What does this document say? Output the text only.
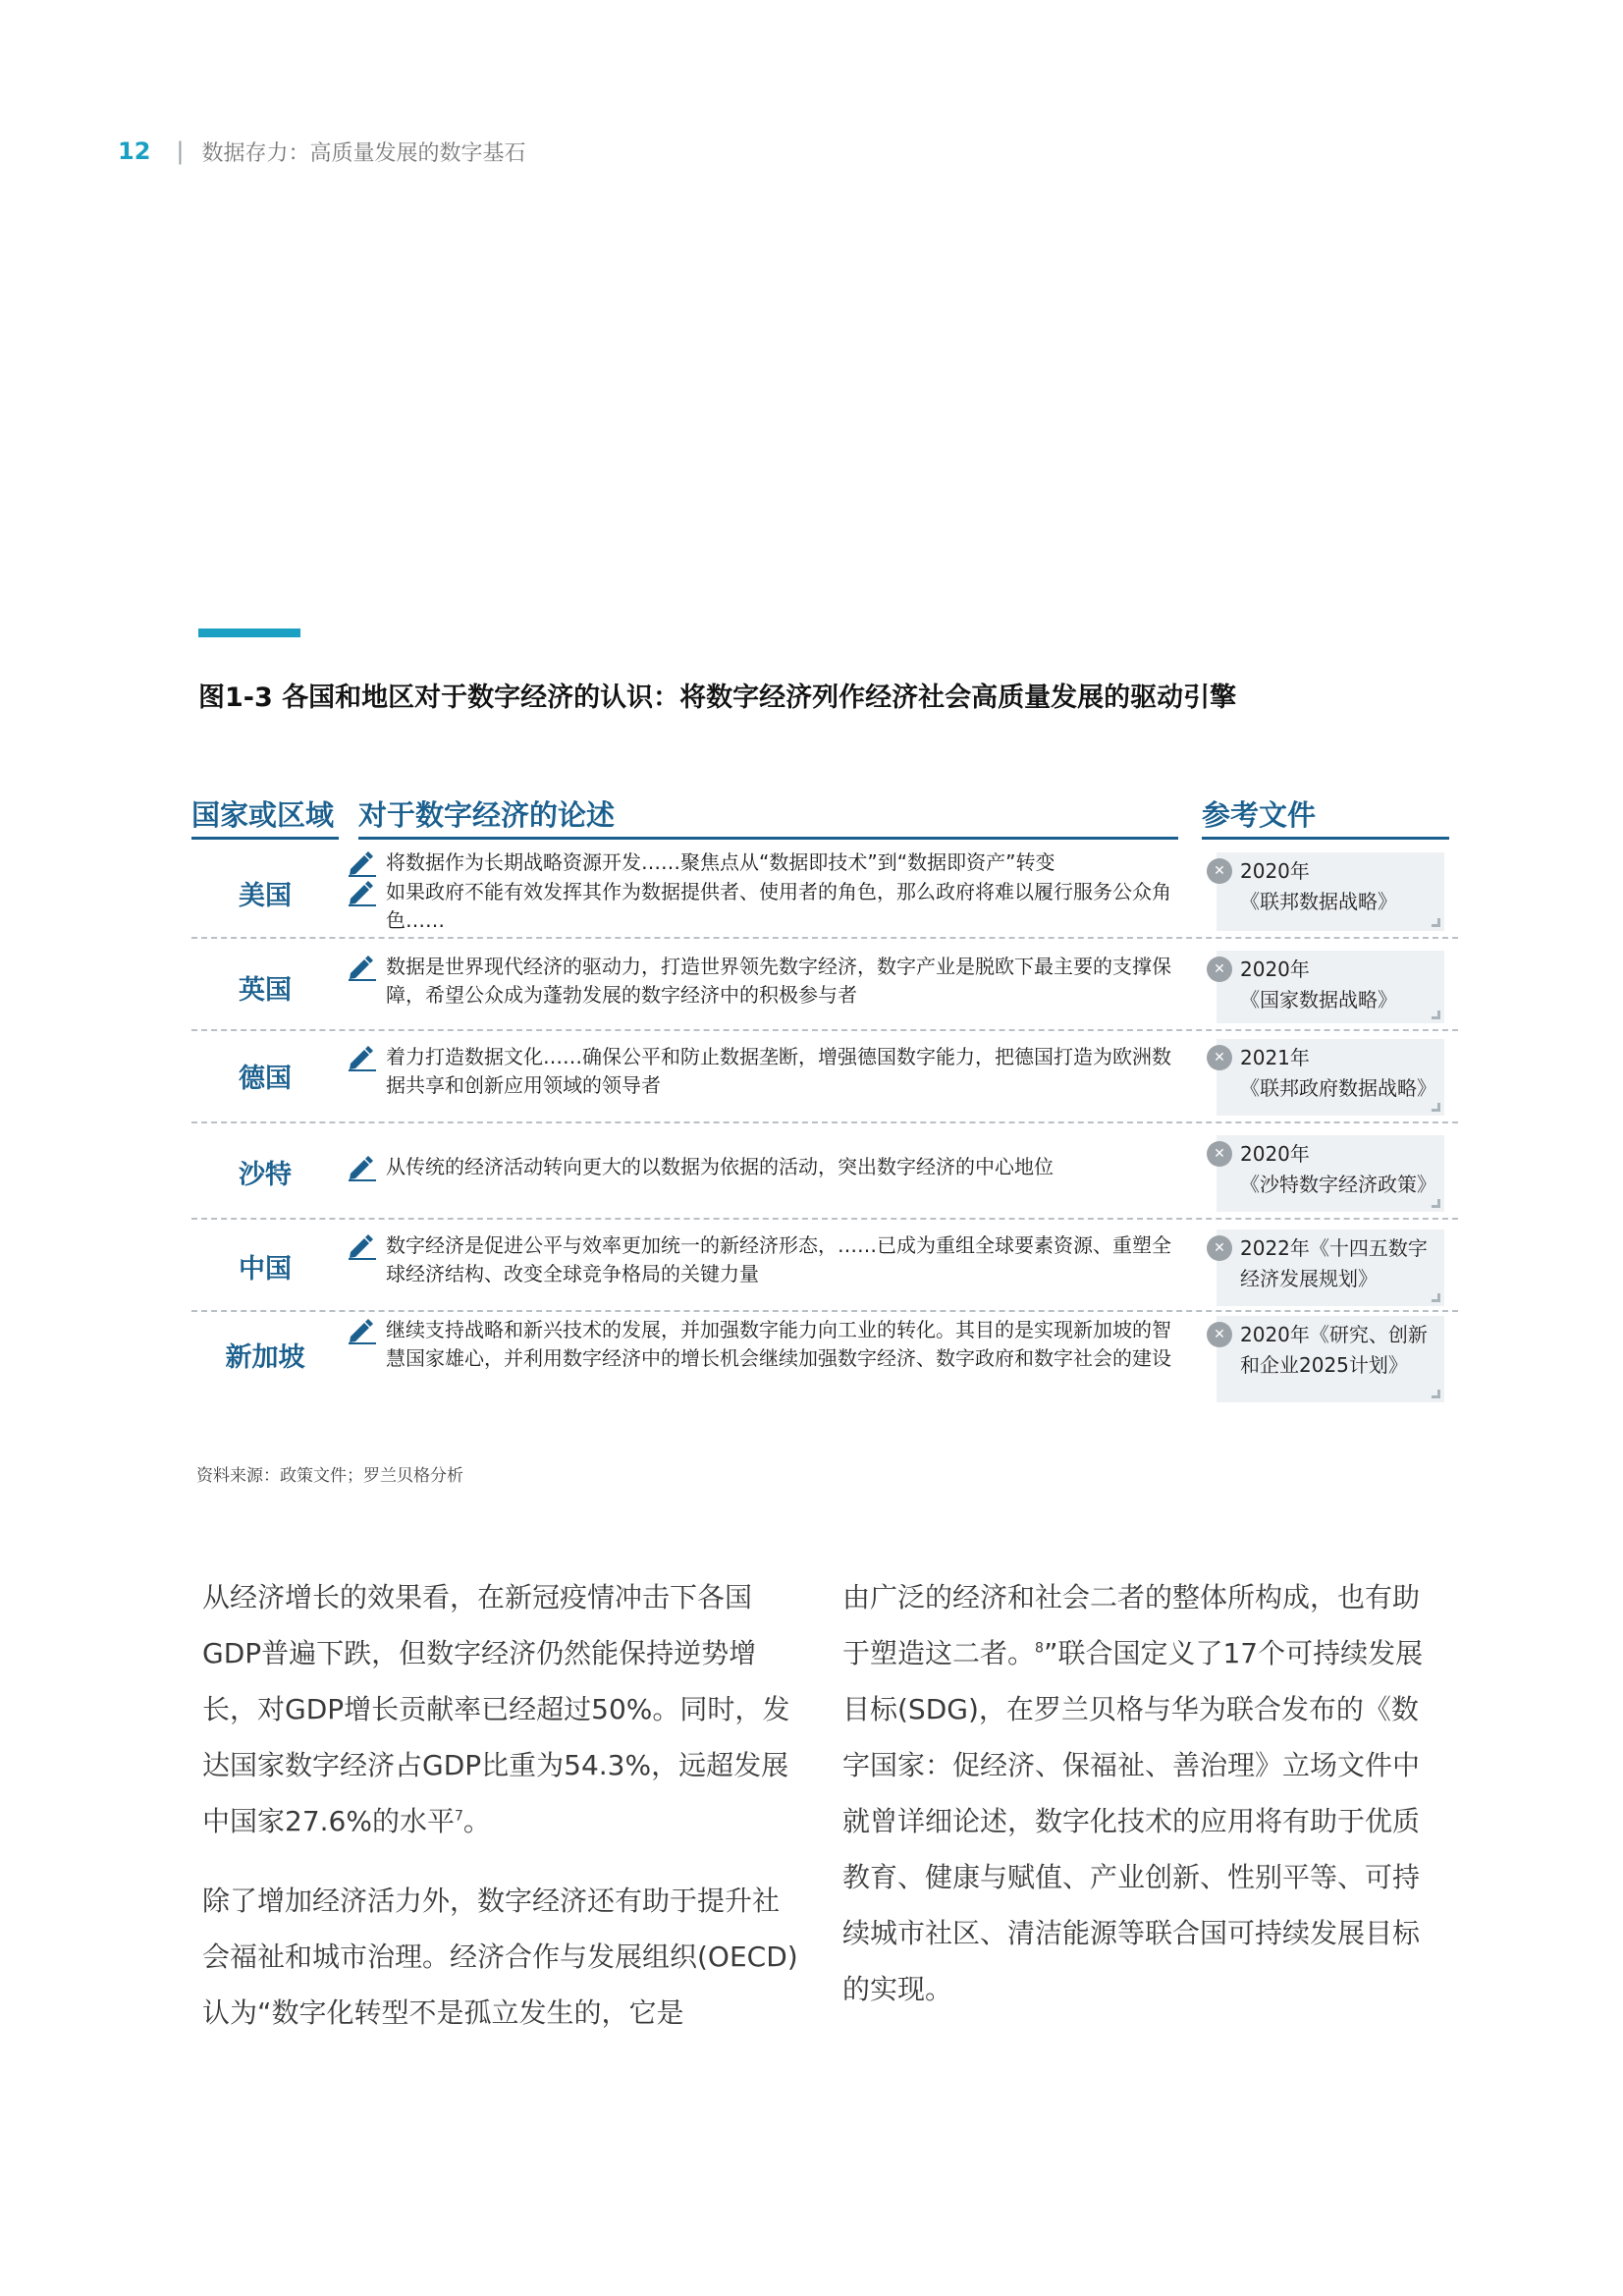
12 | 数据存力：高质量发展的数字基石
图1-3 各国和地区对于数字经济的认识：将数字经济列作经济社会高质量发展的驱动引擎
国家或区域 对于数字经济的论述	参考文件
美国
将数据作为长期战略资源开发……聚焦点从“数据即技术”到“数据即资产”转变
如果政府不能有效发挥其作为数据提供者、使用者的角色，那么政府将难以履行服务公众角色……
✕ 2020年
《联邦数据战略》
英国
数据是世界现代经济的驱动力，打造世界领先数字经济，数字产业是脱欧下最主要的支撑保障，希望公众成为蓬勃发展的数字经济中的积极参与者
✕ 2020年
《国家数据战略》
德国
着力打造数据文化……确保公平和防止数据垄断，增强德国数字能力，把德国打造为欧洲数据共享和创新应用领域的领导者
✕ 2021年
《联邦政府数据战略》
沙特	从传统的经济活动转向更大的以数据为依据的活动，突出数字经济的中心地位
✕ 2020年
《沙特数字经济政策》
中国
数字经济是促进公平与效率更加统一的新经济形态，……已成为重组全球要素资源、重塑全球经济结构、改变全球竞争格局的关键力量
✕ 2022年《十四五数字
经济发展规划》
新加坡
继续支持战略和新兴技术的发展，并加强数字能力向工业的转化。其目的是实现新加坡的智慧国家雄心，并利用数字经济中的增长机会继续加强数字经济、数字政府和数字社会的建设
✕ 2020年《研究、创新
和企业2025计划》
资料来源：政策文件；罗兰贝格分析

从经济增长的效果看，在新冠疫情冲击下各国GDP普遍下跌，但数字经济仍然能保持逆势增长，对GDP增长贡献率已经超过50%。同时，发达国家数字经济占GDP比重为54.3%，远超发展中国家27.6%的水平$^7$。

除了增加经济活力外，数字经济还有助于提升社会福祉和城市治理。经济合作与发展组织(OECD)认为“数字化转型不是孤立发生的，它是

由广泛的经济和社会二者的整体所构成，也有助于塑造这二者。$^8$”联合国定义了17个可持续发展目标(SDG)，在罗兰贝格与华为联合发布的《数字国家：促经济、保福祉、善治理》立场文件中就曾详细论述，数字化技术的应用将有助于优质教育、健康与赋值、产业创新、性别平等、可持续城市社区、清洁能源等联合国可持续发展目标的实现。
